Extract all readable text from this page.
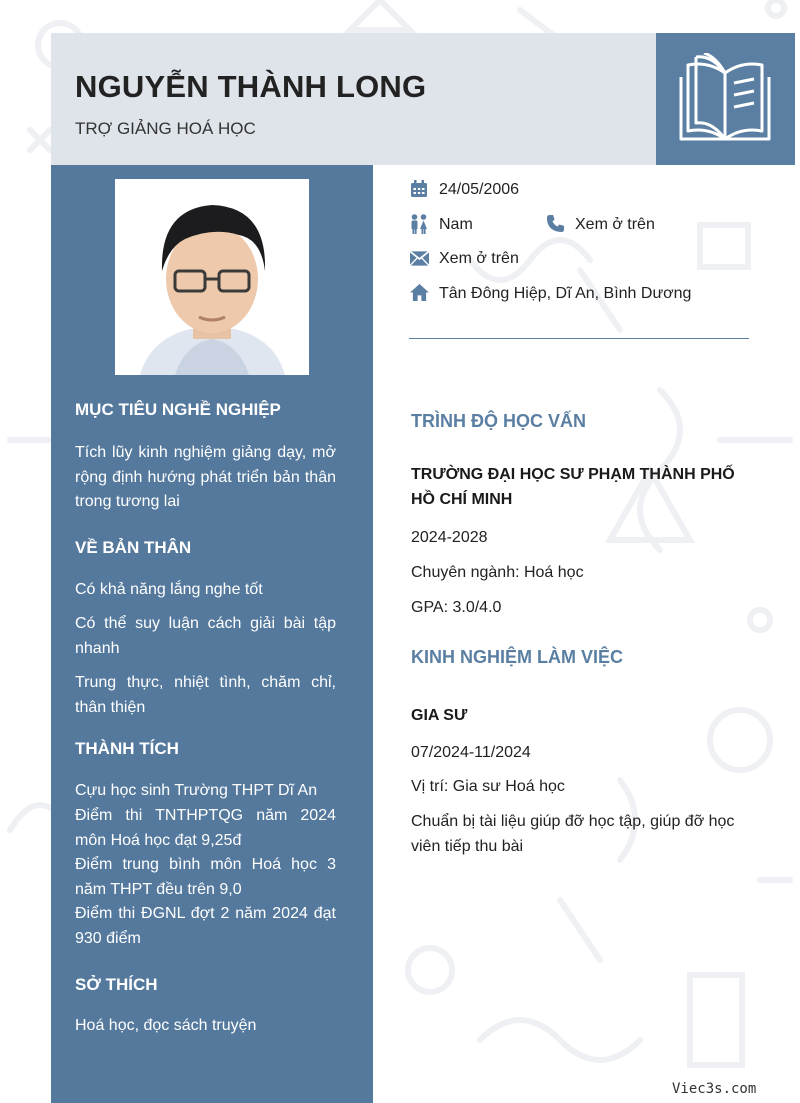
NGUYỄN THÀNH LONG
TRỢ GIẢNG HOÁ HỌC
MỤC TIÊU NGHỀ NGHIỆP
Tích lũy kinh nghiệm giảng dạy, mở rộng định hướng phát triển bản thân trong tương lai
VỀ BẢN THÂN
Có khả năng lắng nghe tốt
Có thể suy luận cách giải bài tập nhanh
Trung thực, nhiệt tình, chăm chỉ, thân thiện
THÀNH TÍCH
Cựu học sinh Trường THPT Dĩ An
Điểm thi TNTHPTQG năm 2024 môn Hoá học đạt 9,25đ
Điểm trung bình môn Hoá học 3 năm THPT đều trên 9,0
Điểm thi ĐGNL đợt 2 năm 2024 đạt 930 điểm
SỞ THÍCH
Hoá học, đọc sách truyện
24/05/2006
Nam	Xem ở trên
Xem ở trên
Tân Đông Hiệp, Dĩ An, Bình Dương
TRÌNH ĐỘ HỌC VẤN
TRƯỜNG ĐẠI HỌC SƯ PHẠM THÀNH PHỐ HỒ CHÍ MINH
2024-2028
Chuyên ngành: Hoá học
GPA: 3.0/4.0
KINH NGHIỆM LÀM VIỆC
GIA SƯ
07/2024-11/2024
Vị trí: Gia sư Hoá học
Chuẩn bị tài liệu giúp đỡ học tập, giúp đỡ học viên tiếp thu bài
Viec3s.com
